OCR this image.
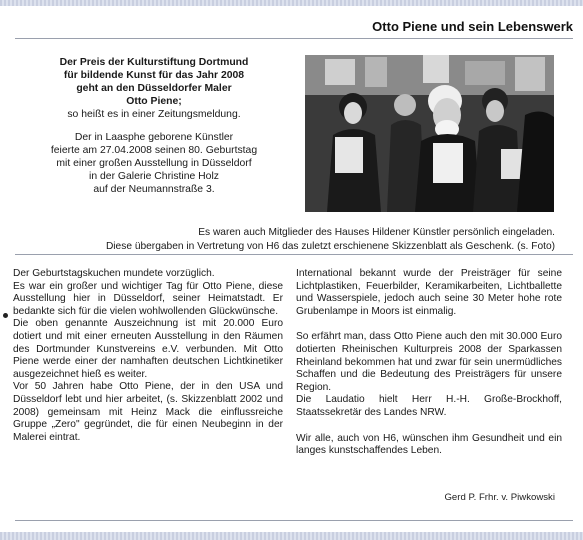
Otto Piene und sein Lebenswerk

Der Preis der Kulturstiftung Dortmund

für bildende Kunst für das Jahr 2008

geht an den Düsseldorfer Maler

Otto Piene;

so heißt es in einer Zeitungsmeldung.

Der in Laasphe geborene Künstler

feierte am 27.04.2008 seinen 80. Geburtstag

mit einer großen Ausstellung in Düsseldorf

in der Galerie Christine Holz

auf der Neumannstraße 3.

Es waren auch Mitglieder des Hauses Hildener Künstler persönlich eingeladen.

Diese übergaben in Vertretung von H6 das zuletzt erschienene Skizzenblatt als Geschenk. (s. Foto)

Der Geburtstagskuchen mundete vorzüglich.

Es war ein großer und wichtiger Tag für Otto Piene, diese Ausstellung hier in Düsseldorf, seiner Heimatstadt. Er bedankte sich für die vielen wohlwollenden Glückwünsche.

Die oben genannte Auszeichnung ist mit 20.000 Euro dotiert und mit einer erneuten Ausstellung in den Räumen des Dortmunder Kunstvereins e.V. verbunden. Mit Otto Piene werde einer der namhaften deutschen Lichtkinetiker ausgezeichnet hieß es weiter.

Vor 50 Jahren habe Otto Piene, der in den USA und Düsseldorf lebt und hier arbeitet, (s. Skizzenblatt 2002 und 2008) gemeinsam mit Heinz Mack die einflussreiche Gruppe „Zero" gegründet, die für einen Neubeginn in der Malerei eintrat.

International bekannt wurde der Preisträger für seine Lichtplastiken, Feuerbilder, Keramikarbeiten, Lichtballette und Wasserspiele, jedoch auch seine 30 Meter hohe rote Grubenlampe in Moors ist einmalig.

So erfährt man, dass Otto Piene auch den mit 30.000 Euro dotierten Rheinischen Kulturpreis 2008 der Sparkassen Rheinland bekommen hat und zwar für sein unermüdliches Schaffen und die Bedeutung des Preisträgers für unsere Region.

Die Laudatio hielt Herr H.-H. Große-Brockhoff, Staatssekretär des Landes NRW.

Wir alle, auch von H6, wünschen ihm Gesundheit und ein langes kunstschaffendes Leben.

Gerd P. Frhr. v. Piwkowski
